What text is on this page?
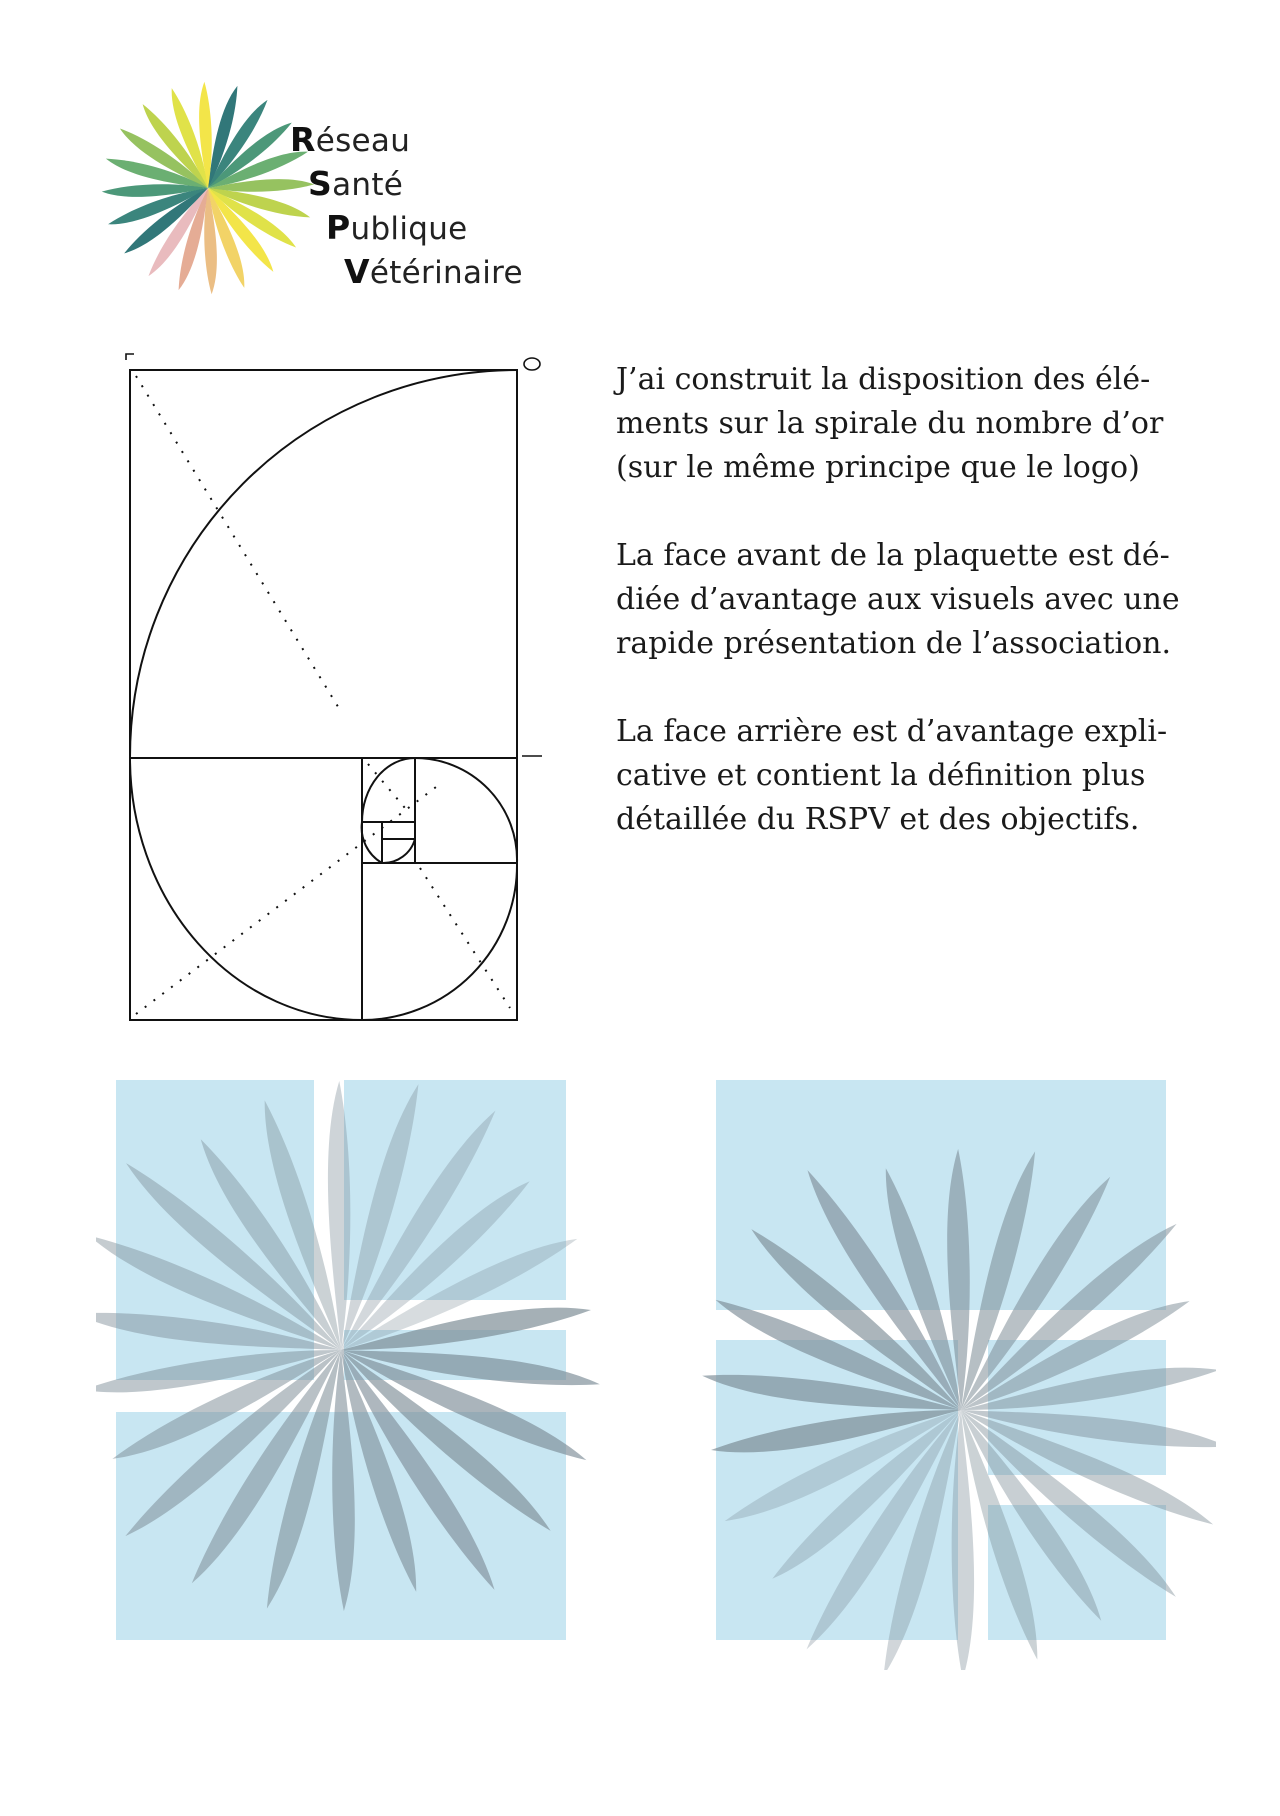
Réseau
Santé
Publique
Vétérinaire

J’ai construit la disposition des élé-
ments sur la spirale du nombre d’or
(sur le même principe que le logo)

La face avant de la plaquette est dé-
diée d’avantage aux visuels avec une
rapide présentation de l’association.

La face arrière est d’avantage expli-
cative et contient la définition plus
détaillée du RSPV et des objectifs.
